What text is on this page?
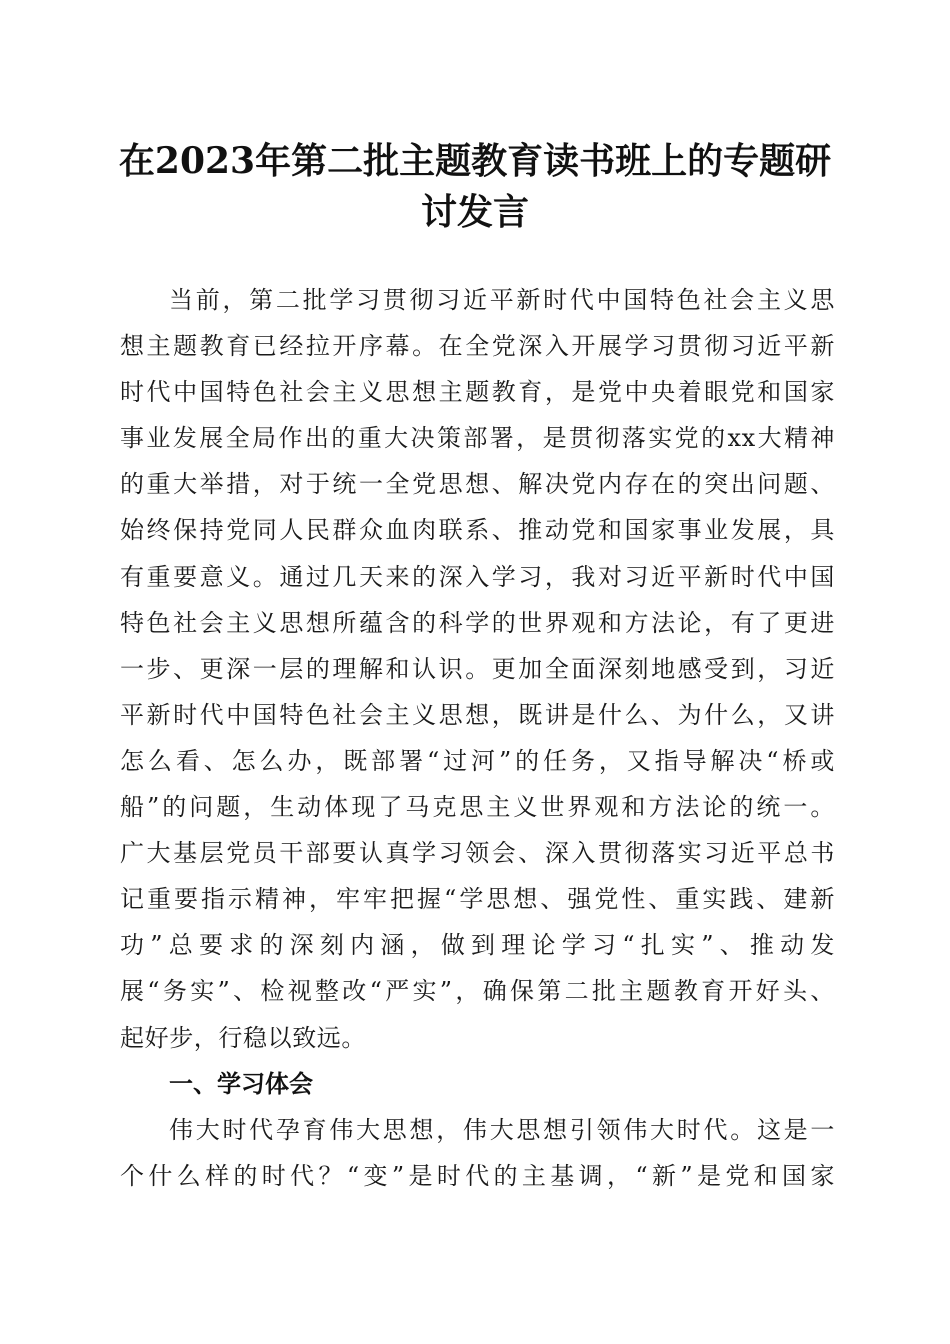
在2023年第二批主题教育读书班上的专题研
讨发言
当前，第二批学习贯彻习近平新时代中国特色社会主义思
想主题教育已经拉开序幕。在全党深入开展学习贯彻习近平新
时代中国特色社会主义思想主题教育，是党中央着眼党和国家
事业发展全局作出的重大决策部署，是贯彻落实党的xx大精神
的重大举措，对于统一全党思想、解决党内存在的突出问题、
始终保持党同人民群众血肉联系、推动党和国家事业发展，具
有重要意义。通过几天来的深入学习，我对习近平新时代中国
特色社会主义思想所蕴含的科学的世界观和方法论，有了更进
一步、更深一层的理解和认识。更加全面深刻地感受到，习近
平新时代中国特色社会主义思想，既讲是什么、为什么，又讲
怎么看、怎么办，既部署“过河”的任务，又指导解决“桥或
船”的问题，生动体现了马克思主义世界观和方法论的统一。
广大基层党员干部要认真学习领会、深入贯彻落实习近平总书
记重要指示精神，牢牢把握“学思想、强党性、重实践、建新
功”总要求的深刻内涵，做到理论学习“扎实”、推动发
展“务实”、检视整改“严实”，确保第二批主题教育开好头、
起好步，行稳以致远。
一、学习体会
伟大时代孕育伟大思想，伟大思想引领伟大时代。这是一
个什么样的时代？“变”是时代的主基调，“新”是党和国家
